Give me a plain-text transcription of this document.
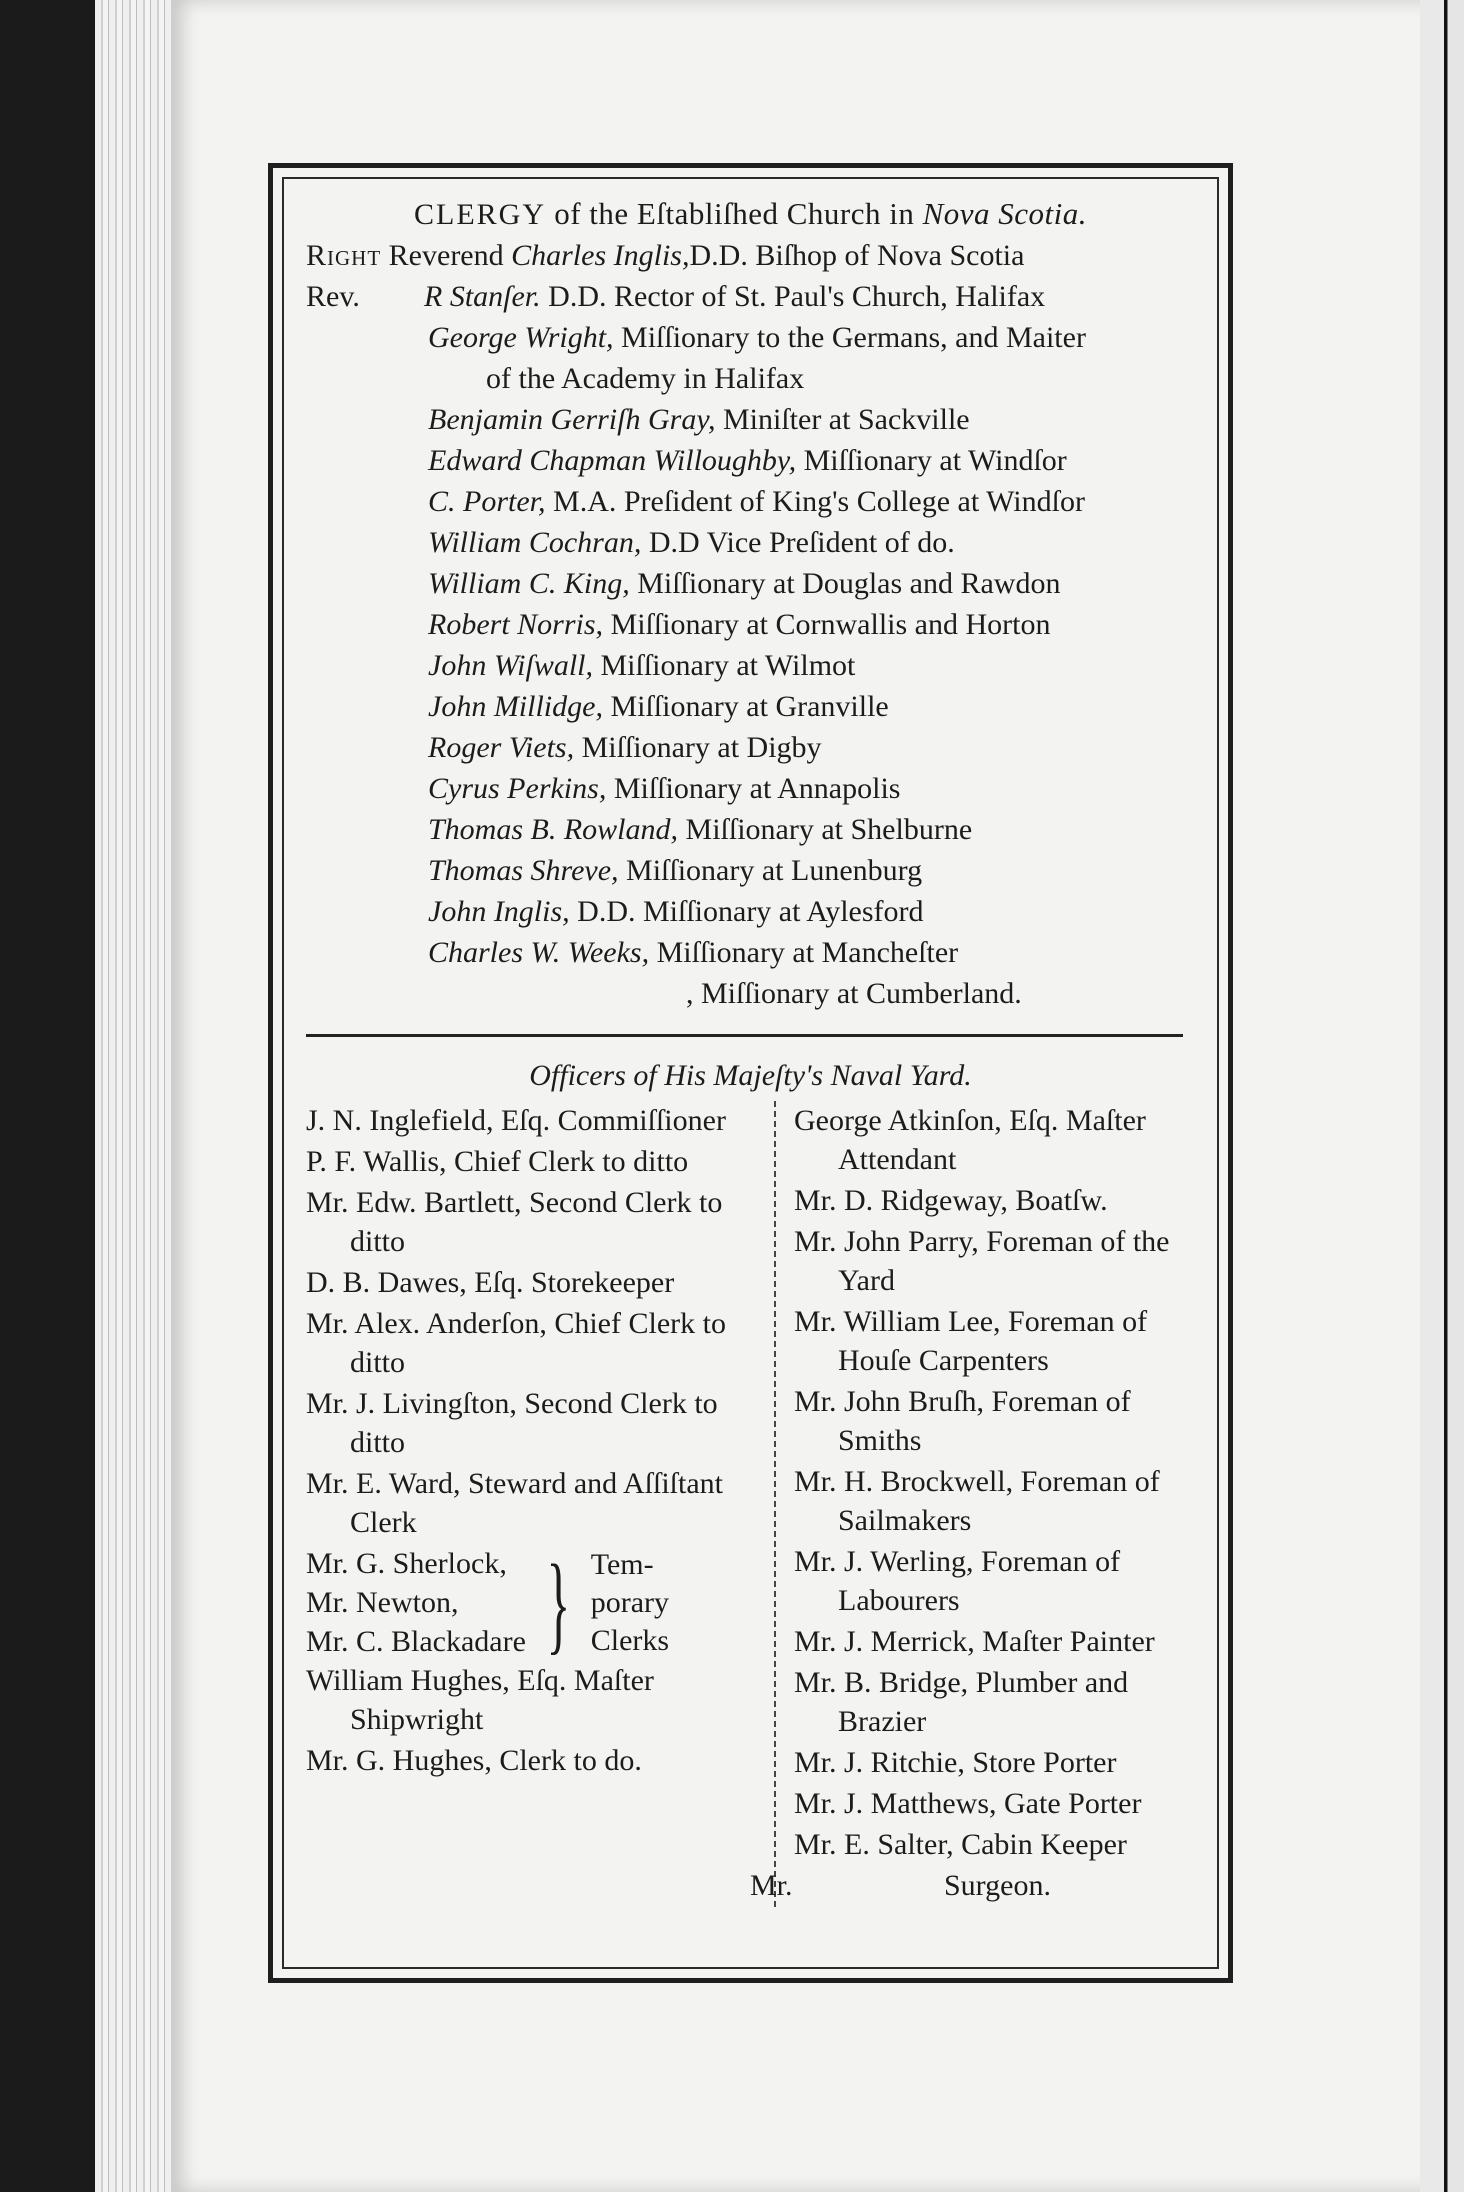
CLERGY of the Eſtabliſhed Church in Nova Scotia.
Right Reverend Charles Inglis,D.D. Biſhop of Nova Scotia
Rev. R Stanſer. D.D. Rector of St. Paul's Church, Halifax
George Wright, Miſſionary to the Germans, and Maiter
of the Academy in Halifax
Benjamin Gerriſh Gray, Miniſter at Sackville
Edward Chapman Willoughby, Miſſionary at Windſor
C. Porter, M.A. Preſident of King's College at Windſor
William Cochran, D.D Vice Preſident of do.
William C. King, Miſſionary at Douglas and Rawdon
Robert Norris, Miſſionary at Cornwallis and Horton
John Wiſwall, Miſſionary at Wilmot
John Millidge, Miſſionary at Granville
Roger Viets, Miſſionary at Digby
Cyrus Perkins, Miſſionary at Annapolis
Thomas B. Rowland, Miſſionary at Shelburne
Thomas Shreve, Miſſionary at Lunenburg
John Inglis, D.D. Miſſionary at Aylesford
Charles W. Weeks, Miſſionary at Mancheſter
, Miſſionary at Cumberland.
Officers of His Majeſty's Naval Yard.
J. N. Inglefield, Eſq. Commiſſioner
P. F. Wallis, Chief Clerk to ditto
Mr. Edw. Bartlett, Second Clerk to ditto
D. B. Dawes, Eſq. Storekeeper
Mr. Alex. Anderſon, Chief Clerk to ditto
Mr. J. Livingſton, Second Clerk to ditto
Mr. E. Ward, Steward and Aſſiſtant Clerk
Mr. G. Sherlock,
Mr. Newton,
Mr. C. Blackadare } Tem-
porary
Clerks
William Hughes, Eſq. Maſter Shipwright
Mr. G. Hughes, Clerk to do.
George Atkinſon, Eſq. Maſter Attendant
Mr. D. Ridgeway, Boatſw.
Mr. John Parry, Foreman of the Yard
Mr. William Lee, Foreman of Houſe Carpenters
Mr. John Bruſh, Foreman of Smiths
Mr. H. Brockwell, Foreman of Sailmakers
Mr. J. Werling, Foreman of Labourers
Mr. J. Merrick, Maſter Painter
Mr. B. Bridge, Plumber and Brazier
Mr. J. Ritchie, Store Porter
Mr. J. Matthews, Gate Porter
Mr. E. Salter, Cabin Keeper
Mr.	Surgeon.
